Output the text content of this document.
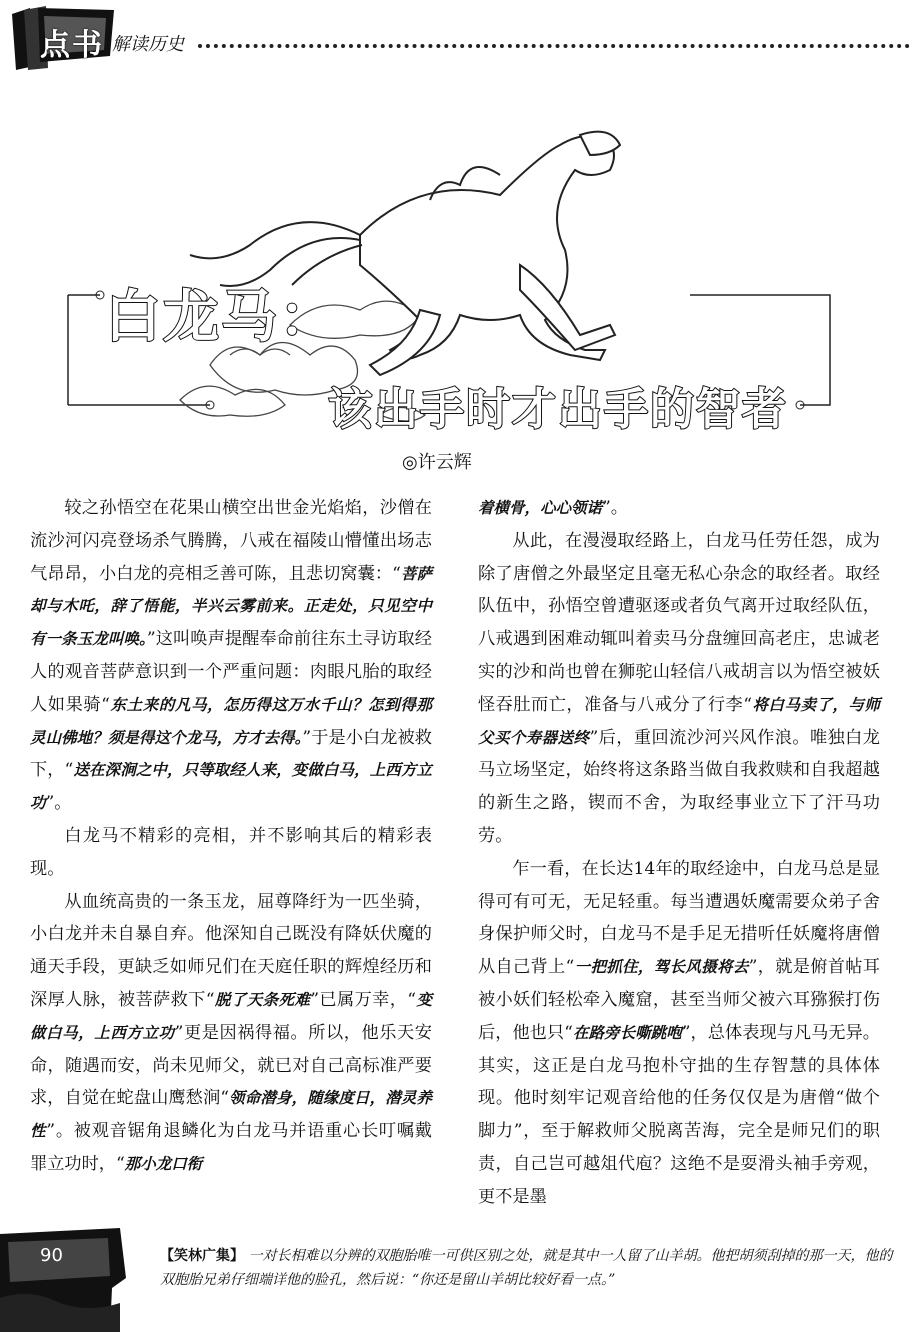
点书 解读历史
白龙马：
该出手时才出手的智者
◎许云辉

较之孙悟空在花果山横空出世金光焰焰，沙僧在流沙河闪亮登场杀气腾腾，八戒在福陵山懵懂出场志气昂昂，小白龙的亮相乏善可陈，且悲切窝囊：“菩萨却与木吒，辞了悟能，半兴云雾前来。正走处，只见空中有一条玉龙叫唤。”这叫唤声提醒奉命前往东土寻访取经人的观音菩萨意识到一个严重问题：肉眼凡胎的取经人如果骑“东土来的凡马，怎历得这万水千山？怎到得那灵山佛地？须是得这个龙马，方才去得。”于是小白龙被救下，“送在深涧之中，只等取经人来，变做白马，上西方立功”。

白龙马不精彩的亮相，并不影响其后的精彩表现。

从血统高贵的一条玉龙，屈尊降纡为一匹坐骑，小白龙并未自暴自弃。他深知自己既没有降妖伏魔的通天手段，更缺乏如师兄们在天庭任职的辉煌经历和深厚人脉，被菩萨救下“脱了天条死难”已属万幸，“变做白马，上西方立功”更是因祸得福。所以，他乐天安命，随遇而安，尚未见师父，就已对自己高标准严要求，自觉在蛇盘山鹰愁涧“领命潜身，随缘度日，潜灵养性”。被观音锯角退鳞化为白龙马并语重心长叮嘱戴罪立功时，“那小龙口衔

着横骨，心心领诺”。

从此，在漫漫取经路上，白龙马任劳任怨，成为除了唐僧之外最坚定且毫无私心杂念的取经者。取经队伍中，孙悟空曾遭驱逐或者负气离开过取经队伍，八戒遇到困难动辄叫着卖马分盘缠回高老庄，忠诚老实的沙和尚也曾在狮驼山轻信八戒胡言以为悟空被妖怪吞肚而亡，准备与八戒分了行李“将白马卖了，与师父买个寿器送终”后，重回流沙河兴风作浪。唯独白龙马立场坚定，始终将这条路当做自我救赎和自我超越的新生之路，锲而不舍，为取经事业立下了汗马功劳。

乍一看，在长达14年的取经途中，白龙马总是显得可有可无，无足轻重。每当遭遇妖魔需要众弟子舍身保护师父时，白龙马不是手足无措听任妖魔将唐僧从自己背上“一把抓住，驾长风摄将去”，就是俯首帖耳被小妖们轻松牵入魔窟，甚至当师父被六耳猕猴打伤后，他也只“在路旁长嘶跳咆”，总体表现与凡马无异。其实，这正是白龙马抱朴守拙的生存智慧的具体体现。他时刻牢记观音给他的任务仅仅是为唐僧“做个脚力”，至于解救师父脱离苦海，完全是师兄们的职责，自己岂可越俎代庖？这绝不是耍滑头袖手旁观，更不是墨

90	【笑林广集】 一对长相难以分辨的双胞胎唯一可供区别之处，就是其中一人留了山羊胡。他把胡须刮掉的那一天，他的双胞胎兄弟仔细端详他的脸孔，然后说：“你还是留山羊胡比较好看一点。”
